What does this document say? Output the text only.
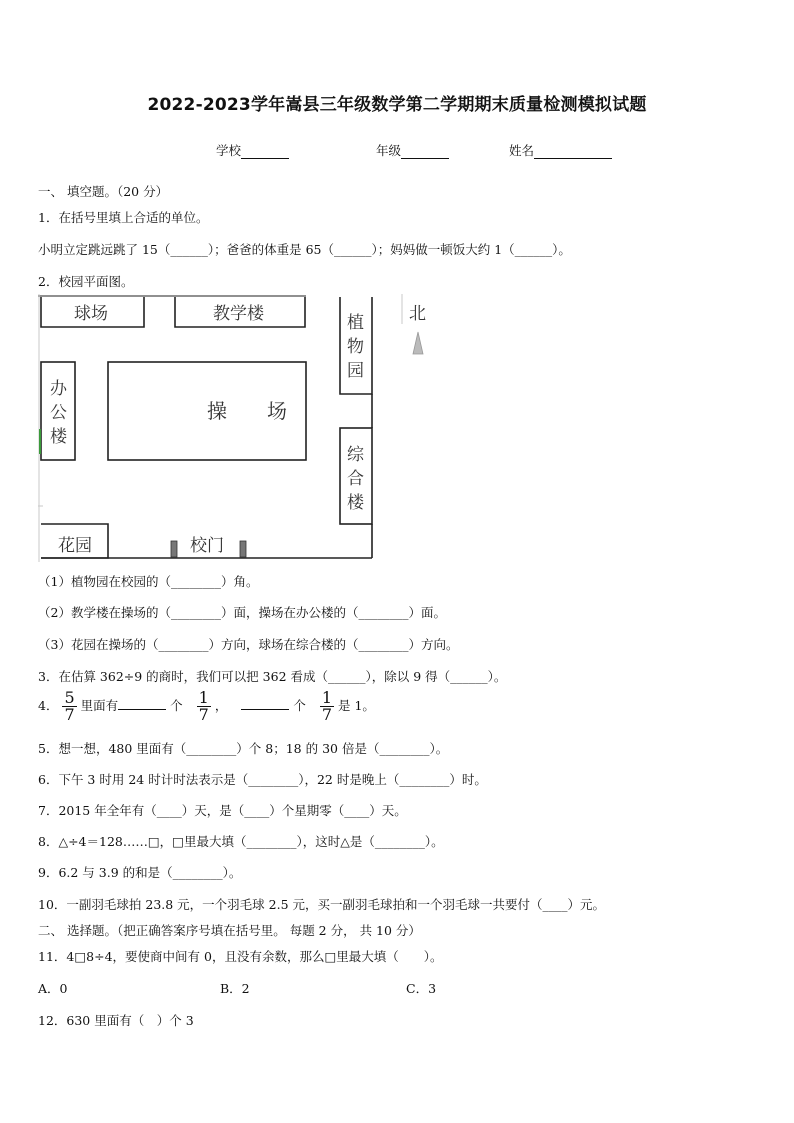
2022-2023学年嵩县三年级数学第二学期期末质量检测模拟试题
学校	年级	姓名
一、 填空题。（20 分）
1．在括号里填上合适的单位。
小明立定跳远跳了 15（______）；爸爸的体重是 65（______）；妈妈做一顿饭大约 1（______）。
2．校园平面图。
球场	教学楼	植
物
园
北
办
公
楼
操　　场
综
合
楼
花园	校门
（1）植物园在校园的（________）角。
（2）教学楼在操场的（________）面，操场在办公楼的（________）面。
（3）花园在操场的（________）方向，球场在综合楼的（________）方向。
3．在估算 362÷9 的商时，我们可以把 362 看成（______），除以 9 得（______）。
4． $\frac{5}{7}$ 里面有	个 $\frac{1}{7}$ ，	个 $\frac{1}{7}$ 是 1。
5．想一想，480 里面有（________）个 8；18 的 30 倍是（________）。
6．下午 3 时用 24 时计时法表示是（________），22 时是晚上（________）时。
7．2015 年全年有（____）天，是（____）个星期零（____）天。
8．△÷4＝128……□，□里最大填（________），这时△是（________）。
9．6.2 与 3.9 的和是（________）。
10．一副羽毛球拍 23.8 元，一个羽毛球 2.5 元，买一副羽毛球拍和一个羽毛球一共要付（____）元。
二、 选择题。（把正确答案序号填在括号里。 每题 2 分， 共 10 分）
11．4□8÷4，要使商中间有 0，且没有余数，那么□里最大填（　　）。
A．0	B．2	C．3
12．630 里面有（　）个 3
